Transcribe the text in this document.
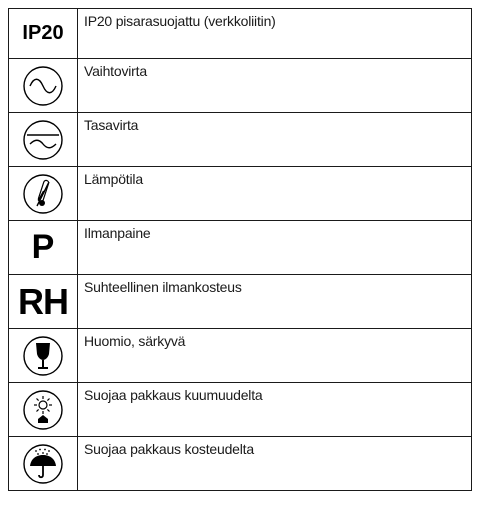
IP20	IP20 pisarasuojattu (verkkoliitin)

	Vaihtovirta

	Tasavirta

	Lämpötila
P	Ilmanpaine
RH	Suhteellinen ilmankosteus

	Huomio, särkyvä

	Suojaa pakkaus kuumuudelta

	Suojaa pakkaus kosteudelta
